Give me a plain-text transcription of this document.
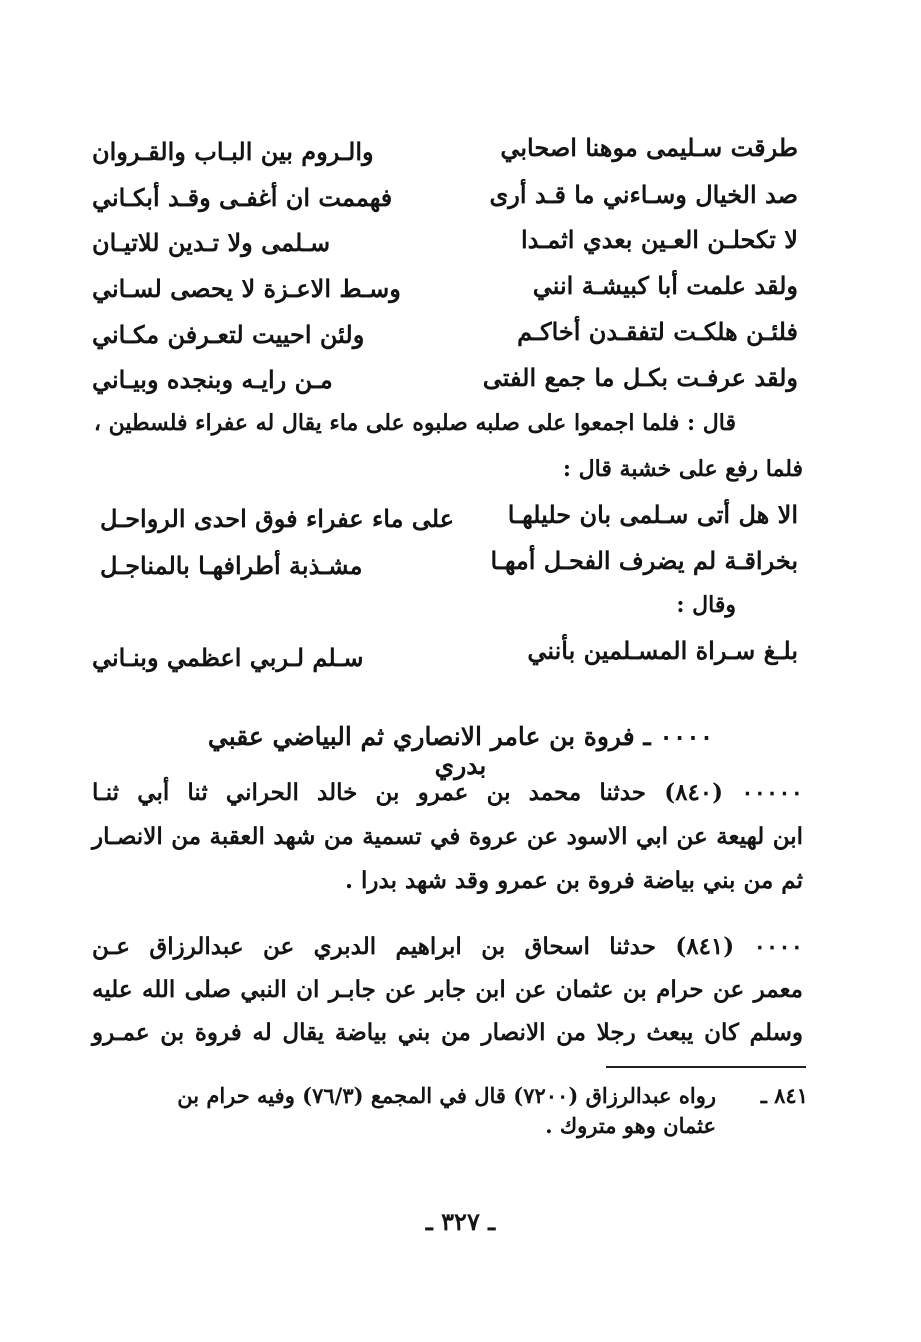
طرقت سـليمى موهنا اصحابي
والـروم بين البـاب والقـروان
صد الخيال وسـاءني ما قـد أرى
فهممت ان أغفـى وقـد أبكـاني
لا تكحلـن العـين بعدي اثمـدا
سـلمى ولا تـدين للاتيـان
ولقد علمت أبا كبيشـة انني
وسـط الاعـزة لا يحصى لسـاني
فلئـن هلكـت لتفقـدن أخاكـم
ولئن احييت لتعـرفن مكـاني
ولقد عرفـت بكـل ما جمع الفتى
مـن رايـه وبنجده وبيـاني
قال : فلما اجمعوا على صلبه صلبوه على ماء يقال له عفراء فلسطين ،
فلما رفع على خشبة قال :
الا هل أتى سـلمى بان حليلهـا
على ماء عفراء فوق احدى الرواحـل
بخراقـة لم يضرف الفحـل أمهـا
مشـذبة أطرافهـا بالمناجـل
وقال :
بلـغ سـراة المسـلمين بأنني
سـلم لـربي اعظمي وبنـاني
٠٠٠٠ ـ فروة بن عامر الانصاري ثم البياضي عقبي بدري
٠٠٠٠٠ (٨٤٠) حدثنا محمد بن عمرو بن خالد الحراني ثنا أبي ثنـا
ابن لهيعة عن ابي الاسود عن عروة في تسمية من شهد العقبة من الانصـار
ثم من بني بياضة فروة بن عمرو وقد شهد بدرا .
٠٠٠٠ (٨٤١) حدثنا اسحاق بن ابراهيم الدبري عن عبدالرزاق عـن
معمر عن حرام بن عثمان عن ابن جابر عن جابـر ان النبي صلى الله عليه
وسلم كان يبعث رجلا من الانصار من بني بياضة يقال له فروة بن عمـرو
٨٤١ ـ
رواه عبدالرزاق (٧٢٠٠) قال في المجمع (٧٦/٣) وفيه حرام بن
عثمان وهو متروك .
ـ ٣٢٧ ـ
